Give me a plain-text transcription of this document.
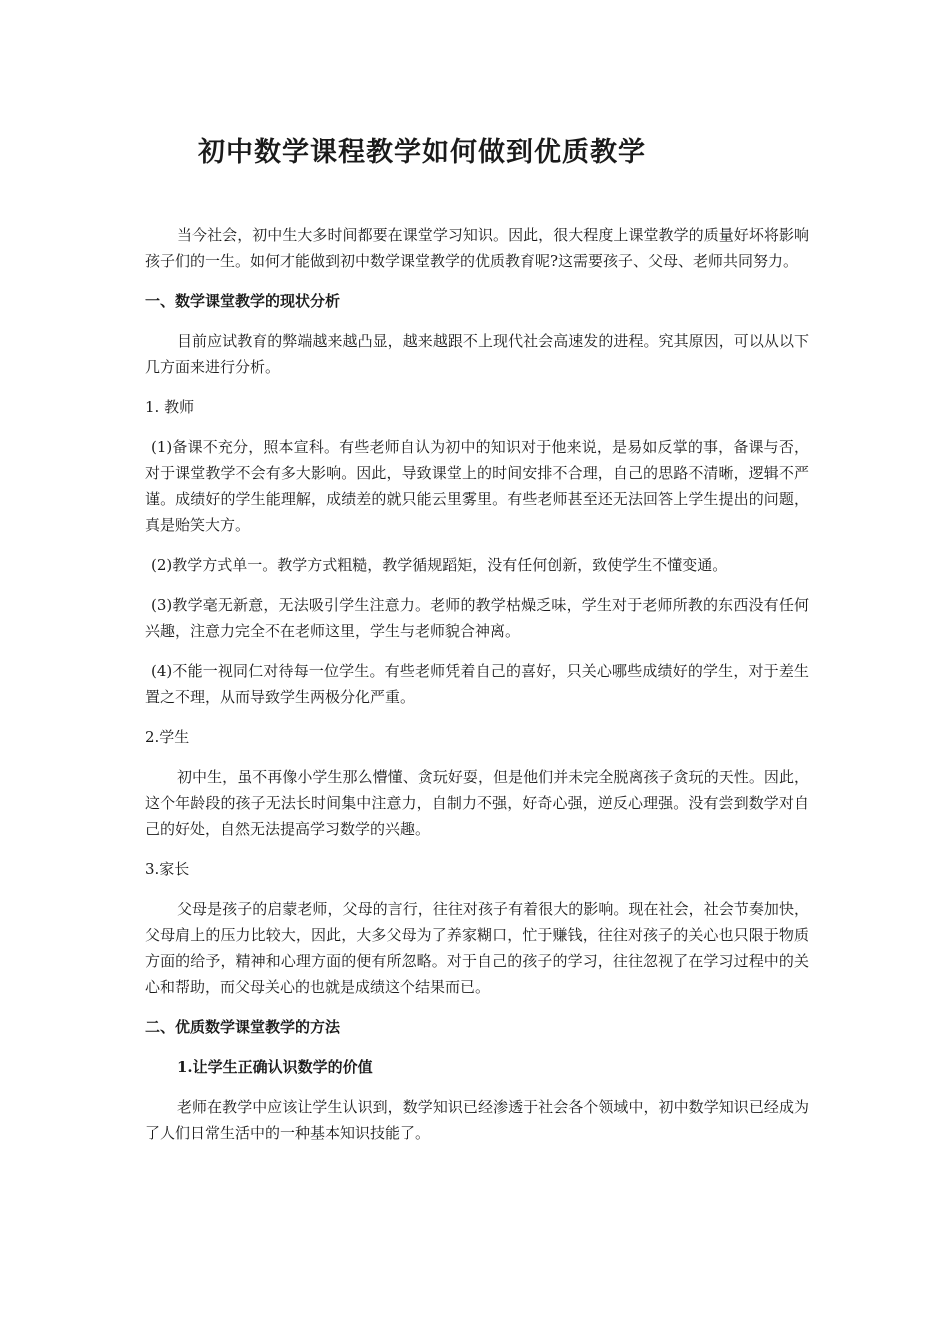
初中数学课程教学如何做到优质教学

当今社会，初中生大多时间都要在课堂学习知识。因此，很大程度上课堂教学的质量好坏将影响孩子们的一生。如何才能做到初中数学课堂教学的优质教育呢?这需要孩子、父母、老师共同努力。

一、数学课堂教学的现状分析

目前应试教育的弊端越来越凸显，越来越跟不上现代社会高速发的进程。究其原因，可以从以下几方面来进行分析。

1. 教师

(1)备课不充分，照本宣科。有些老师自认为初中的知识对于他来说，是易如反掌的事，备课与否，对于课堂教学不会有多大影响。因此，导致课堂上的时间安排不合理，自己的思路不清晰，逻辑不严谨。成绩好的学生能理解，成绩差的就只能云里雾里。有些老师甚至还无法回答上学生提出的问题，真是贻笑大方。

(2)教学方式单一。教学方式粗糙，教学循规蹈矩，没有任何创新，致使学生不懂变通。

(3)教学毫无新意，无法吸引学生注意力。老师的教学枯燥乏味，学生对于老师所教的东西没有任何兴趣，注意力完全不在老师这里，学生与老师貌合神离。

(4)不能一视同仁对待每一位学生。有些老师凭着自己的喜好，只关心哪些成绩好的学生，对于差生置之不理，从而导致学生两极分化严重。

2.学生

初中生，虽不再像小学生那么懵懂、贪玩好耍，但是他们并未完全脱离孩子贪玩的天性。因此，这个年龄段的孩子无法长时间集中注意力，自制力不强，好奇心强，逆反心理强。没有尝到数学对自己的好处，自然无法提高学习数学的兴趣。

3.家长

父母是孩子的启蒙老师，父母的言行，往往对孩子有着很大的影响。现在社会，社会节奏加快，父母肩上的压力比较大，因此，大多父母为了养家糊口，忙于赚钱，往往对孩子的关心也只限于物质方面的给予，精神和心理方面的便有所忽略。对于自己的孩子的学习，往往忽视了在学习过程中的关心和帮助，而父母关心的也就是成绩这个结果而已。

二、优质数学课堂教学的方法

1.让学生正确认识数学的价值

老师在教学中应该让学生认识到，数学知识已经渗透于社会各个领域中，初中数学知识已经成为了人们日常生活中的一种基本知识技能了。
